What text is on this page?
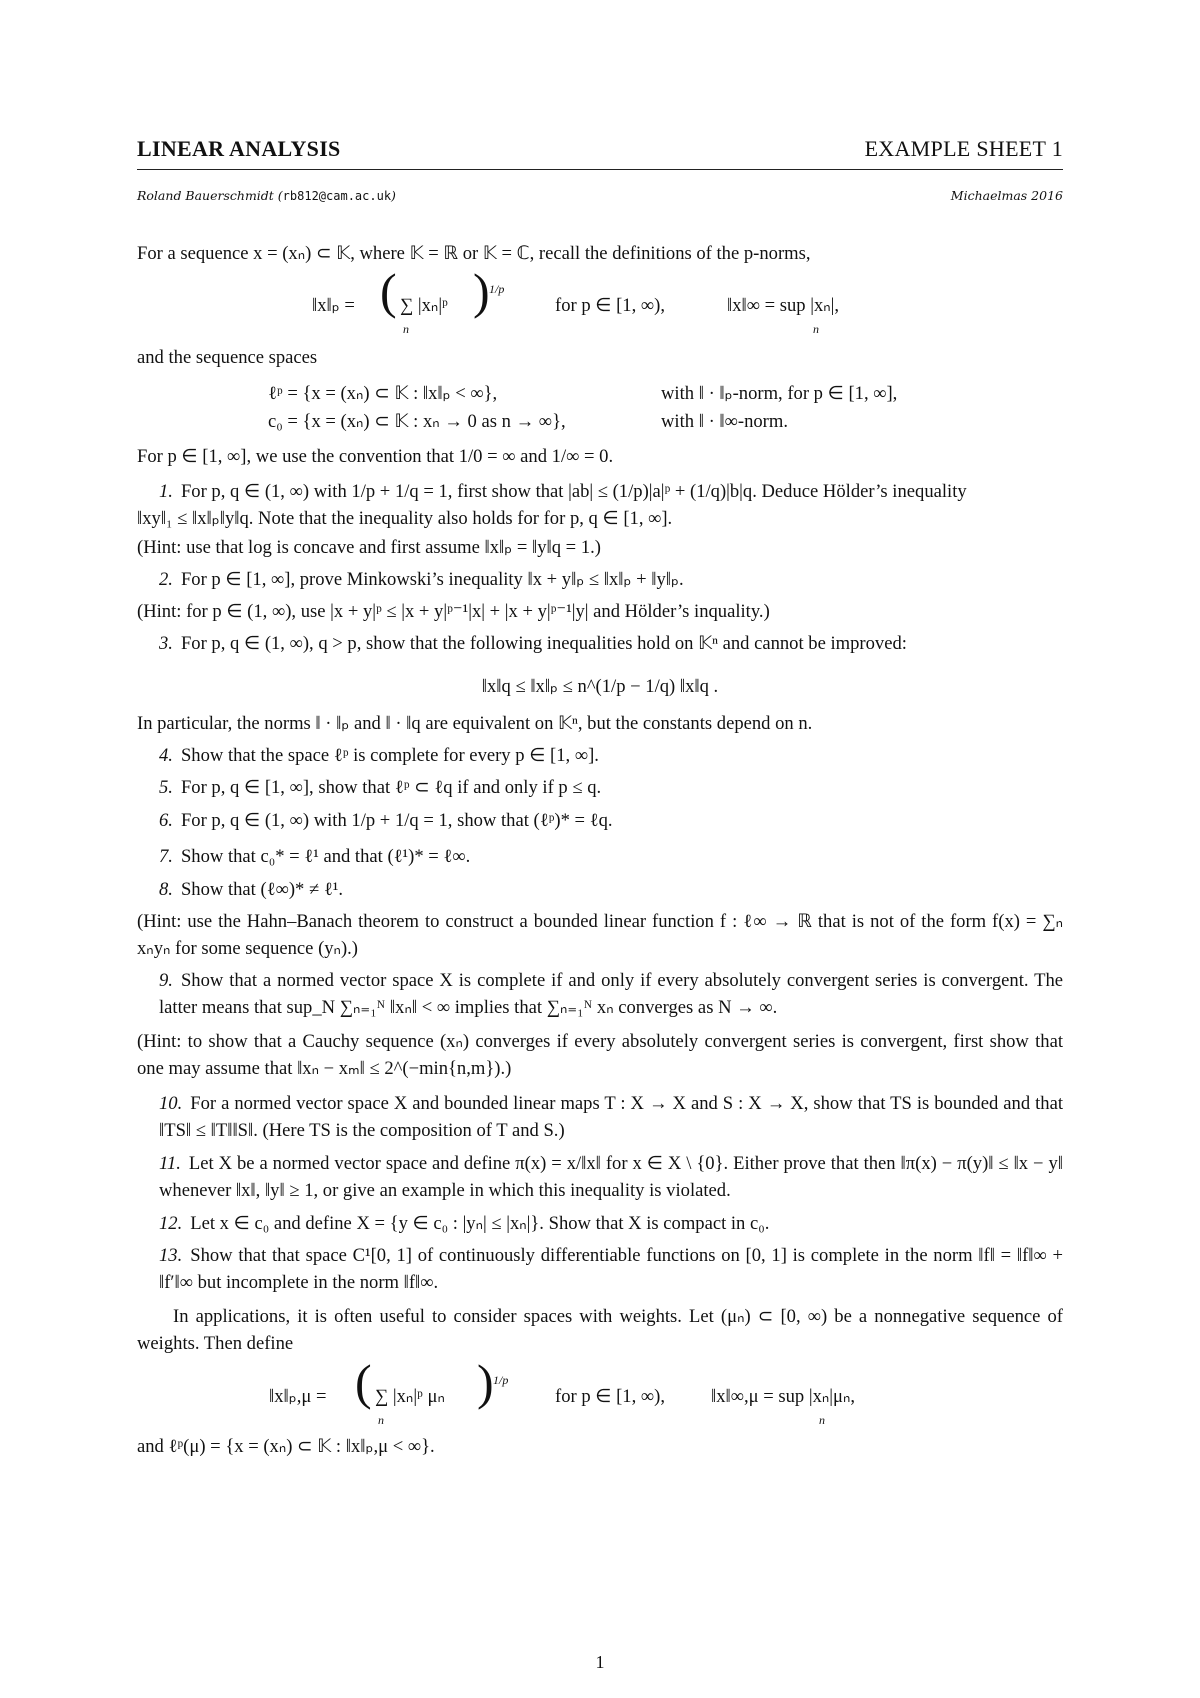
LINEAR ANALYSIS	EXAMPLE SHEET 1
Roland Bauerschmidt (rb812@cam.ac.uk)	Michaelmas 2016

For a sequence x = (xₙ) ⊂ 𝕂, where 𝕂 = ℝ or 𝕂 = ℂ, recall the definitions of the p-norms,

‖x‖ₚ = ( ∑ |xₙ|ᵖ
n
) 1/p
for p ∈ [1, ∞),	‖x‖∞ = sup |xₙ|,
n

and the sequence spaces

ℓᵖ = {x = (xₙ) ⊂ 𝕂 : ‖x‖ₚ < ∞},	with ‖ · ‖ₚ-norm, for p ∈ [1, ∞],
c₀ = {x = (xₙ) ⊂ 𝕂 : xₙ → 0 as n → ∞},	with ‖ · ‖∞-norm.

For p ∈ [1, ∞], we use the convention that 1/0 = ∞ and 1/∞ = 0.

1. For p, q ∈ (1, ∞) with 1/p + 1/q = 1, first show that |ab| ≤ (1/p)|a|ᵖ + (1/q)|b|q. Deduce Hölder’s inequality

‖xy‖₁ ≤ ‖x‖ₚ‖y‖q. Note that the inequality also holds for for p, q ∈ [1, ∞].

(Hint: use that log is concave and first assume ‖x‖ₚ = ‖y‖q = 1.)

2. For p ∈ [1, ∞], prove Minkowski’s inequality ‖x + y‖ₚ ≤ ‖x‖ₚ + ‖y‖ₚ.

(Hint: for p ∈ (1, ∞), use |x + y|ᵖ ≤ |x + y|ᵖ⁻¹|x| + |x + y|ᵖ⁻¹|y| and Hölder’s inquality.)

3. For p, q ∈ (1, ∞), q > p, show that the following inequalities hold on 𝕂ⁿ and cannot be improved:

‖x‖q ≤ ‖x‖ₚ ≤ n^(1/p − 1/q) ‖x‖q .

In particular, the norms ‖ · ‖ₚ and ‖ · ‖q are equivalent on 𝕂ⁿ, but the constants depend on n.

4. Show that the space ℓᵖ is complete for every p ∈ [1, ∞].
5. For p, q ∈ [1, ∞], show that ℓᵖ ⊂ ℓq if and only if p ≤ q.
6. For p, q ∈ (1, ∞) with 1/p + 1/q = 1, show that (ℓᵖ)* = ℓq.
7. Show that c₀* = ℓ¹ and that (ℓ¹)* = ℓ∞.
8. Show that (ℓ∞)* ≠ ℓ¹.

(Hint: use the Hahn–Banach theorem to construct a bounded linear function f : ℓ∞ → ℝ that is not of the form f(x) = ∑ₙ xₙyₙ for some sequence (yₙ).)

9. Show that a normed vector space X is complete if and only if every absolutely convergent series is convergent. The latter means that sup_N ∑ₙ₌₁ᴺ ‖xₙ‖ < ∞ implies that ∑ₙ₌₁ᴺ xₙ converges as N → ∞.

(Hint: to show that a Cauchy sequence (xₙ) converges if every absolutely convergent series is convergent, first show that one may assume that ‖xₙ − xₘ‖ ≤ 2^(−min{n,m}).)

10. For a normed vector space X and bounded linear maps T : X → X and S : X → X, show that TS is bounded and that ‖TS‖ ≤ ‖T‖‖S‖. (Here TS is the composition of T and S.)
11. Let X be a normed vector space and define π(x) = x/‖x‖ for x ∈ X \ {0}. Either prove that then ‖π(x) − π(y)‖ ≤ ‖x − y‖ whenever ‖x‖, ‖y‖ ≥ 1, or give an example in which this inequality is violated.
12. Let x ∈ c₀ and define X = {y ∈ c₀ : |yₙ| ≤ |xₙ|}. Show that X is compact in c₀.
13. Show that that space C¹[0, 1] of continuously differentiable functions on [0, 1] is complete in the norm ‖f‖ = ‖f‖∞ + ‖f′‖∞ but incomplete in the norm ‖f‖∞.

In applications, it is often useful to consider spaces with weights. Let (μₙ) ⊂ [0, ∞) be a nonnegative sequence of weights. Then define

‖x‖ₚ,μ = ( ∑ |xₙ|ᵖ μₙ
n
) 1/p
for p ∈ [1, ∞), ‖x‖∞,μ = sup |xₙ|μₙ,
n

and ℓᵖ(μ) = {x = (xₙ) ⊂ 𝕂 : ‖x‖ₚ,μ < ∞}.

1
